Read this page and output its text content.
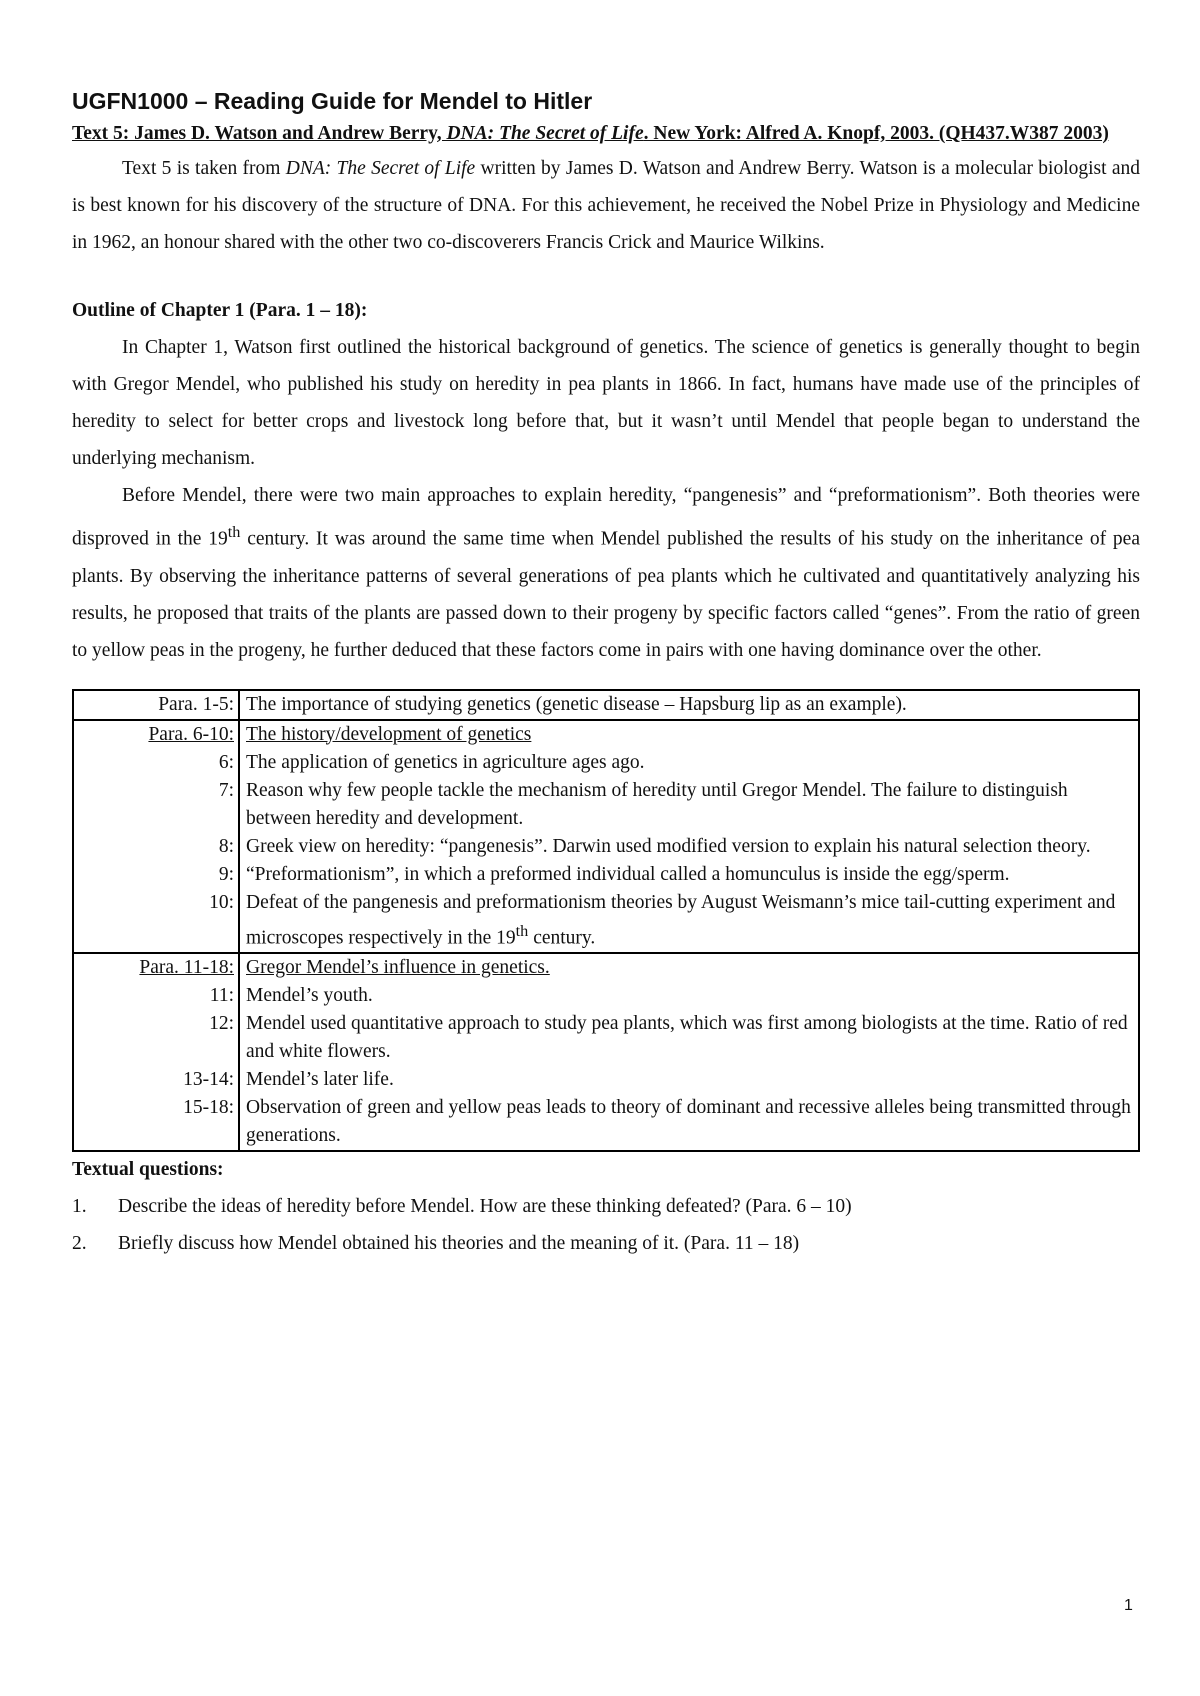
UGFN1000 – Reading Guide for Mendel to Hitler

Text 5: James D. Watson and Andrew Berry, DNA: The Secret of Life. New York: Alfred A. Knopf, 2003. (QH437.W387 2003)

Text 5 is taken from DNA: The Secret of Life written by James D. Watson and Andrew Berry. Watson is a molecular biologist and is best known for his discovery of the structure of DNA. For this achievement, he received the Nobel Prize in Physiology and Medicine in 1962, an honour shared with the other two co-discoverers Francis Crick and Maurice Wilkins.

Outline of Chapter 1 (Para. 1 – 18):

In Chapter 1, Watson first outlined the historical background of genetics. The science of genetics is generally thought to begin with Gregor Mendel, who published his study on heredity in pea plants in 1866. In fact, humans have made use of the principles of heredity to select for better crops and livestock long before that, but it wasn’t until Mendel that people began to understand the underlying mechanism.

Before Mendel, there were two main approaches to explain heredity, “pangenesis” and “preformationism”. Both theories were disproved in the 19th century. It was around the same time when Mendel published the results of his study on the inheritance of pea plants. By observing the inheritance patterns of several generations of pea plants which he cultivated and quantitatively analyzing his results, he proposed that traits of the plants are passed down to their progeny by specific factors called “genes”. From the ratio of green to yellow peas in the progeny, he further deduced that these factors come in pairs with one having dominance over the other.

Para. 1-5:	The importance of studying genetics (genetic disease – Hapsburg lip as an example).
Para. 6-10:	The history/development of genetics
6:	The application of genetics in agriculture ages ago.
7:	Reason why few people tackle the mechanism of heredity until Gregor Mendel. The failure to distinguish between heredity and development.
8:	Greek view on heredity: “pangenesis”. Darwin used modified version to explain his natural selection theory.
9:	“Preformationism”, in which a preformed individual called a homunculus is inside the egg/sperm.
10:	Defeat of the pangenesis and preformationism theories by August Weismann’s mice tail-cutting experiment and microscopes respectively in the 19th century.
Para. 11-18:	Gregor Mendel’s influence in genetics.
11:	Mendel’s youth.
12:	Mendel used quantitative approach to study pea plants, which was first among biologists at the time. Ratio of red and white flowers.
13-14:	Mendel’s later life.
15-18:	Observation of green and yellow peas leads to theory of dominant and recessive alleles being transmitted through generations.

Textual questions:

1.	Describe the ideas of heredity before Mendel. How are these thinking defeated? (Para. 6 – 10)
2.	Briefly discuss how Mendel obtained his theories and the meaning of it. (Para. 11 – 18)
1
